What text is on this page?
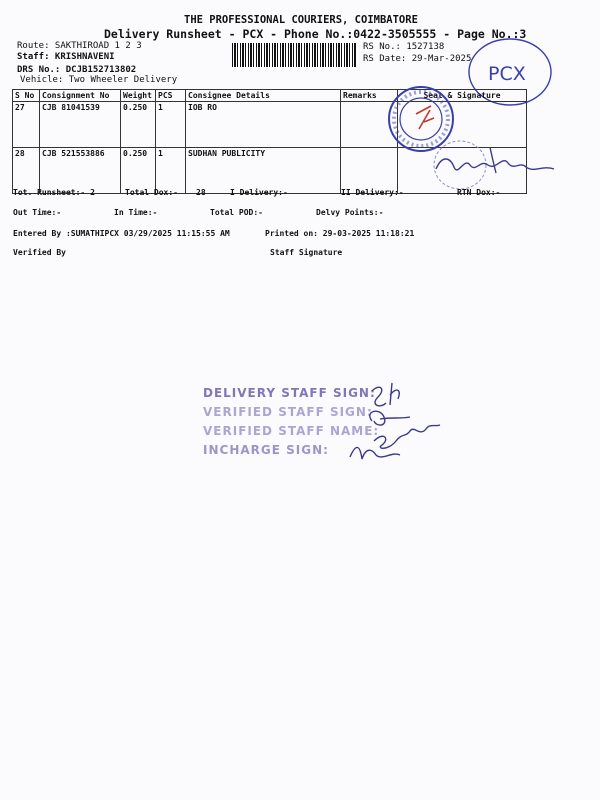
THE PROFESSIONAL COURIERS, COIMBATORE
Delivery Runsheet - PCX - Phone No.:0422-3505555 - Page No.:3
Route: SAKTHIROAD 1 2 3
Staff: KRISHNAVENI
DRS No.: DCJB152713802
Vehicle: Two Wheeler Delivery
RS No.: 1527138
RS Date: 29-Mar-2025
PCX
S No	Consignment No	Weight	PCS	Consignee Details	Remarks	Seal & Signature
27	CJB 81041539	0.250	1	IOB RO		
28	CJB 521553886	0.250	1	SUDHAN PUBLICITY		
Tot. Runsheet:- 2	Total Dox:- 28	I Delivery:-	II Delivery:-	RTN Dox:-
Out Time:-	In Time:-	Total POD:-	Delvy Points:-
Entered By :SUMATHIPCX 03/29/2025 11:15:55 AM	Printed on: 29-03-2025 11:18:21
Verified By	Staff Signature
DELIVERY STAFF SIGN:
VERIFIED STAFF SIGN:
VERIFIED STAFF NAME:
INCHARGE SIGN:
